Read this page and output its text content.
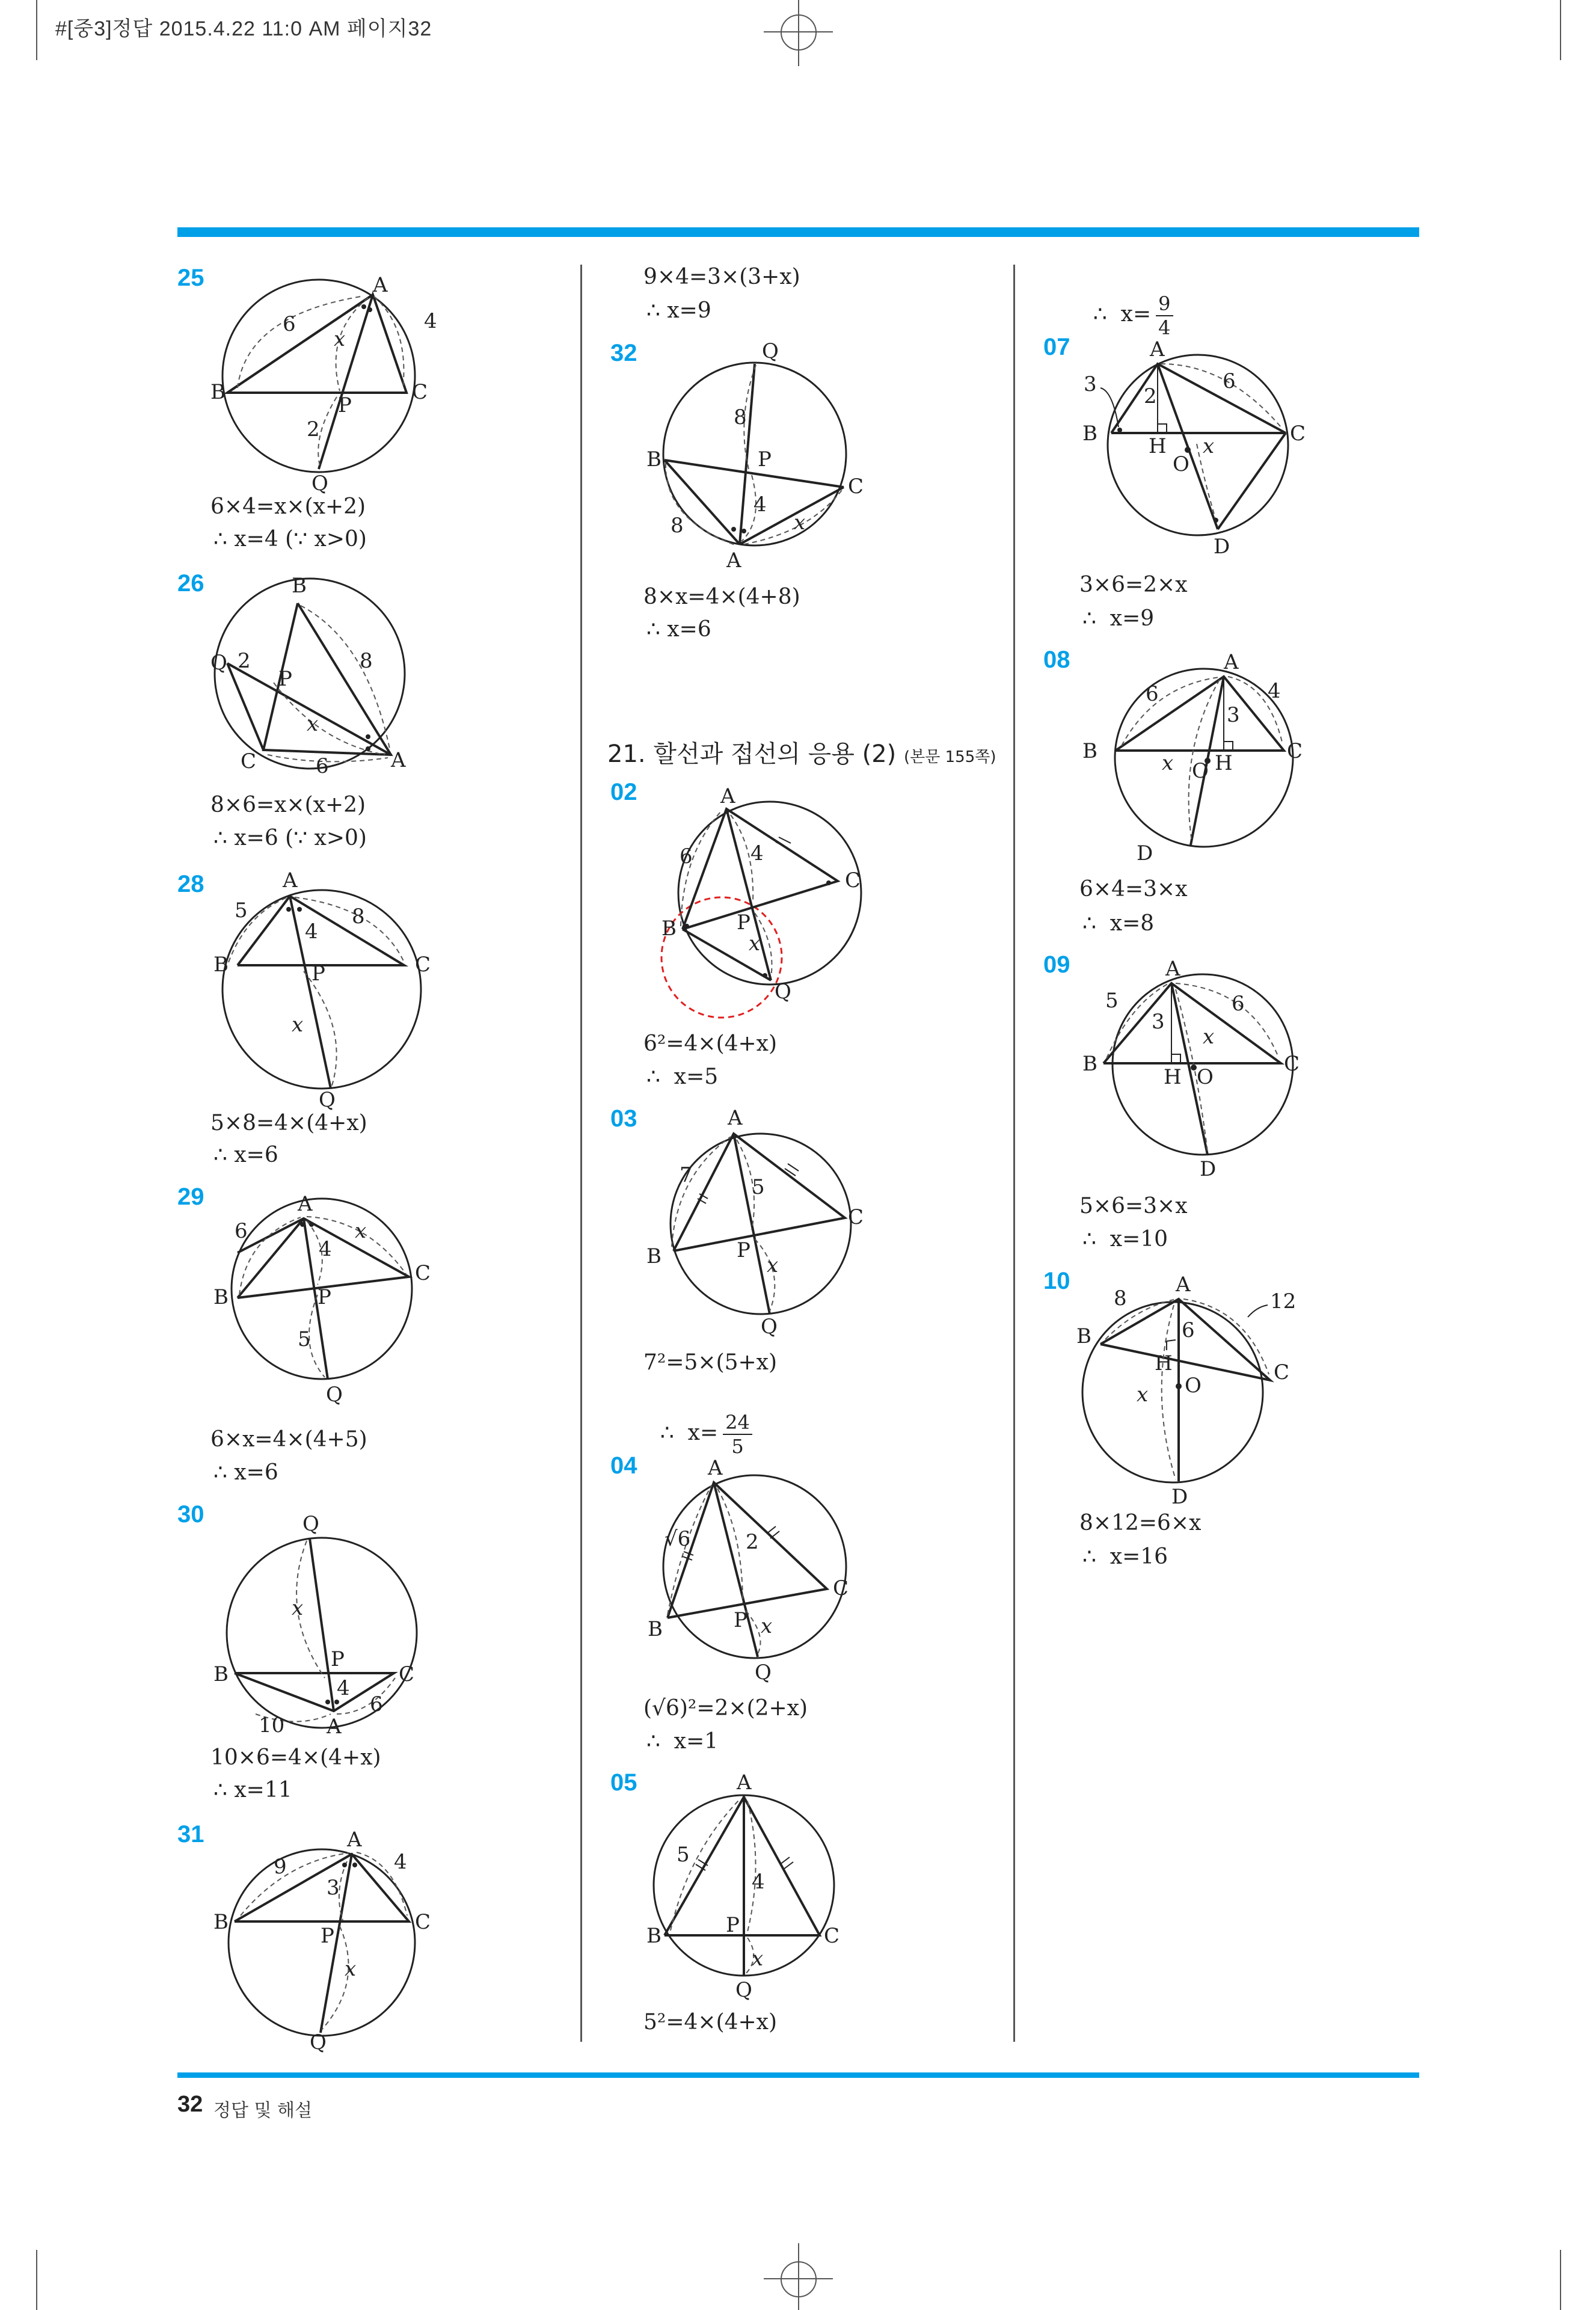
#[중3]정답 2015.4.22 11:0 AM 페이지32
25	A
B	C
P
Q
6
x
4
2
6×4=x×(x+2)
∴ x=4 (∵ x>0)
26	B
Q
P
2	8
x
C	6	A
8×6=x×(x+2)
∴ x=6 (∵ x>0)
28	A
5	8
4
B	C
P
x
Q
5×8=4×(4+x)
∴ x=6
29	A
6	x
4
C
B	P
5
Q
6×x=4×(4+5)
∴ x=6
30	Q
x
P
B	C
4
6
10 A
10×6=4×(4+x)
∴ x=11
31	A
9	4
3
B	C
P
x
Q
9×4=3×(3+x)
∴ x=9
32	Q
8
B	P
C
4
8	x
A
8×x=4×(4+8)
∴ x=6
21. 할선과 접선의 응용 (2) (본문 155쪽)
02	A
6	4
C
B	P
x
Q
6²=4×(4+x)
∴  x=5
03	A
7	5
C
B	P
x
Q
7²=5×(5+x)

∴  $x= \frac{24}{5}$

04	A
√6	2
C
B	P x
Q
(√6)²=2×(2+x)
∴  x=1
05	A
5
4
B	P	C
x
Q
5²=4×(4+x)

∴  $x= \frac{9}{4}$

07	A
3 2
6
B
H x
O
C
D
3×6=2×x
∴  x=9
08	A
6	4
3
B	x O H	C
D
6×4=3×x
∴  x=8
09	A
5	6
3
x
B
H O
C
D
5×6=3×x
∴  x=10
10	A
8	12
B	6
H
O
C
x
D
8×12=6×x
∴  x=16
32 정답 및 해설
